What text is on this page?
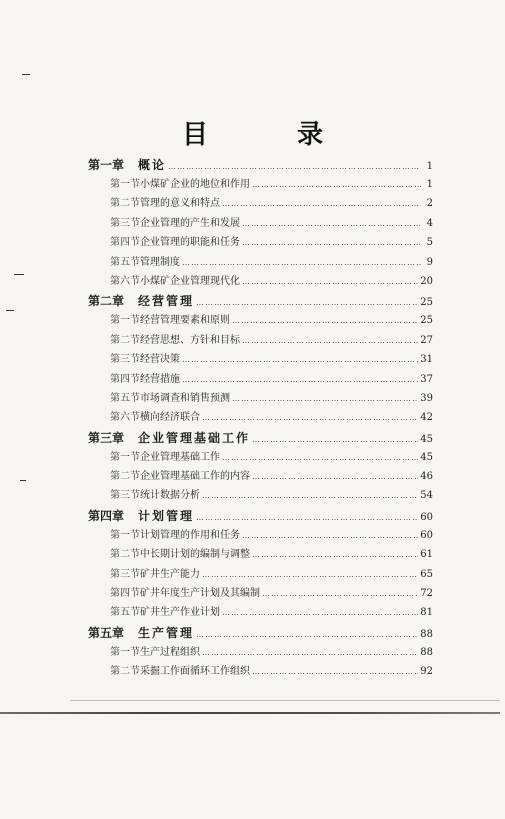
目 录
第一章 概论 ………………………………………………………………………………………………………………………	1
第一节 小煤矿企业的地位和作用 ………………………………………………………………………………………………………………………	1
第二节 管理的意义和特点 ………………………………………………………………………………………………………………………	2
第三节 企业管理的产生和发展 ………………………………………………………………………………………………………………………	4
第四节 企业管理的职能和任务 ………………………………………………………………………………………………………………………	5
第五节 管理制度 ………………………………………………………………………………………………………………………	9
第六节 小煤矿企业管理现代化 ………………………………………………………………………………………………………………………	20
第二章 经营管理 ………………………………………………………………………………………………………………………	25
第一节 经营管理要素和原则 ………………………………………………………………………………………………………………………	25
第二节 经营思想、方针和目标 ………………………………………………………………………………………………………………………	27
第三节 经营决策 ………………………………………………………………………………………………………………………	31
第四节 经营措施 ………………………………………………………………………………………………………………………	37
第五节 市场调查和销售预测 ………………………………………………………………………………………………………………………	39
第六节 横向经济联合 ………………………………………………………………………………………………………………………	42
第三章 企业管理基础工作 ………………………………………………………………………………………………………………………	45
第一节 企业管理基础工作 ………………………………………………………………………………………………………………………	45
第二节 企业管理基础工作的内容 ………………………………………………………………………………………………………………………	46
第三节 统计数据分析 ………………………………………………………………………………………………………………………	54
第四章 计划管理 ………………………………………………………………………………………………………………………	60
第一节 计划管理的作用和任务 ………………………………………………………………………………………………………………………	60
第二节 中长期计划的编制与调整 ………………………………………………………………………………………………………………………	61
第三节 矿井生产能力 ………………………………………………………………………………………………………………………	65
第四节 矿井年度生产计划及其编制 ………………………………………………………………………………………………………………………	72
第五节 矿井生产作业计划 ………………………………………………………………………………………………………………………	81
第五章 生产管理 ………………………………………………………………………………………………………………………	88
第一节 生产过程组织 ………………………………………………………………………………………………………………………	88
第二节 采掘工作面循环工作组织 ………………………………………………………………………………………………………………………	92
